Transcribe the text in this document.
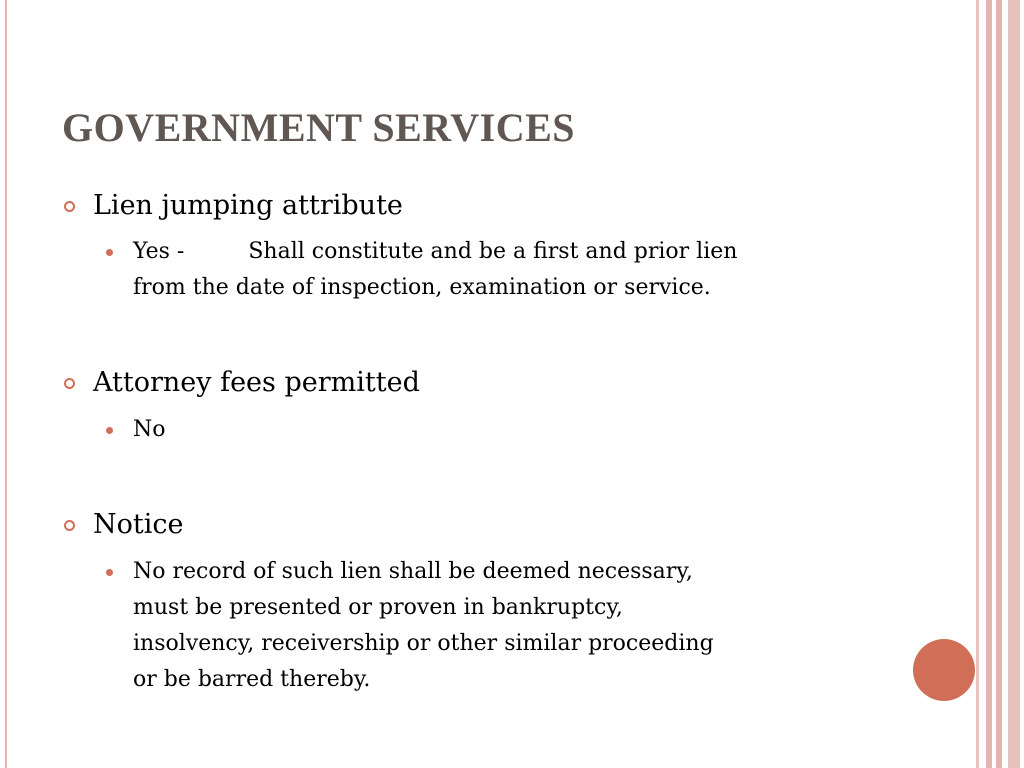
GOVERNMENT SERVICES
Lien jumping attribute
Yes -	Shall constitute and be a first and prior lien
from the date of inspection, examination or service.
Attorney fees permitted
No
Notice
No record of such lien shall be deemed necessary,
must be presented or proven in bankruptcy,
insolvency, receivership or other similar proceeding
or be barred thereby.
